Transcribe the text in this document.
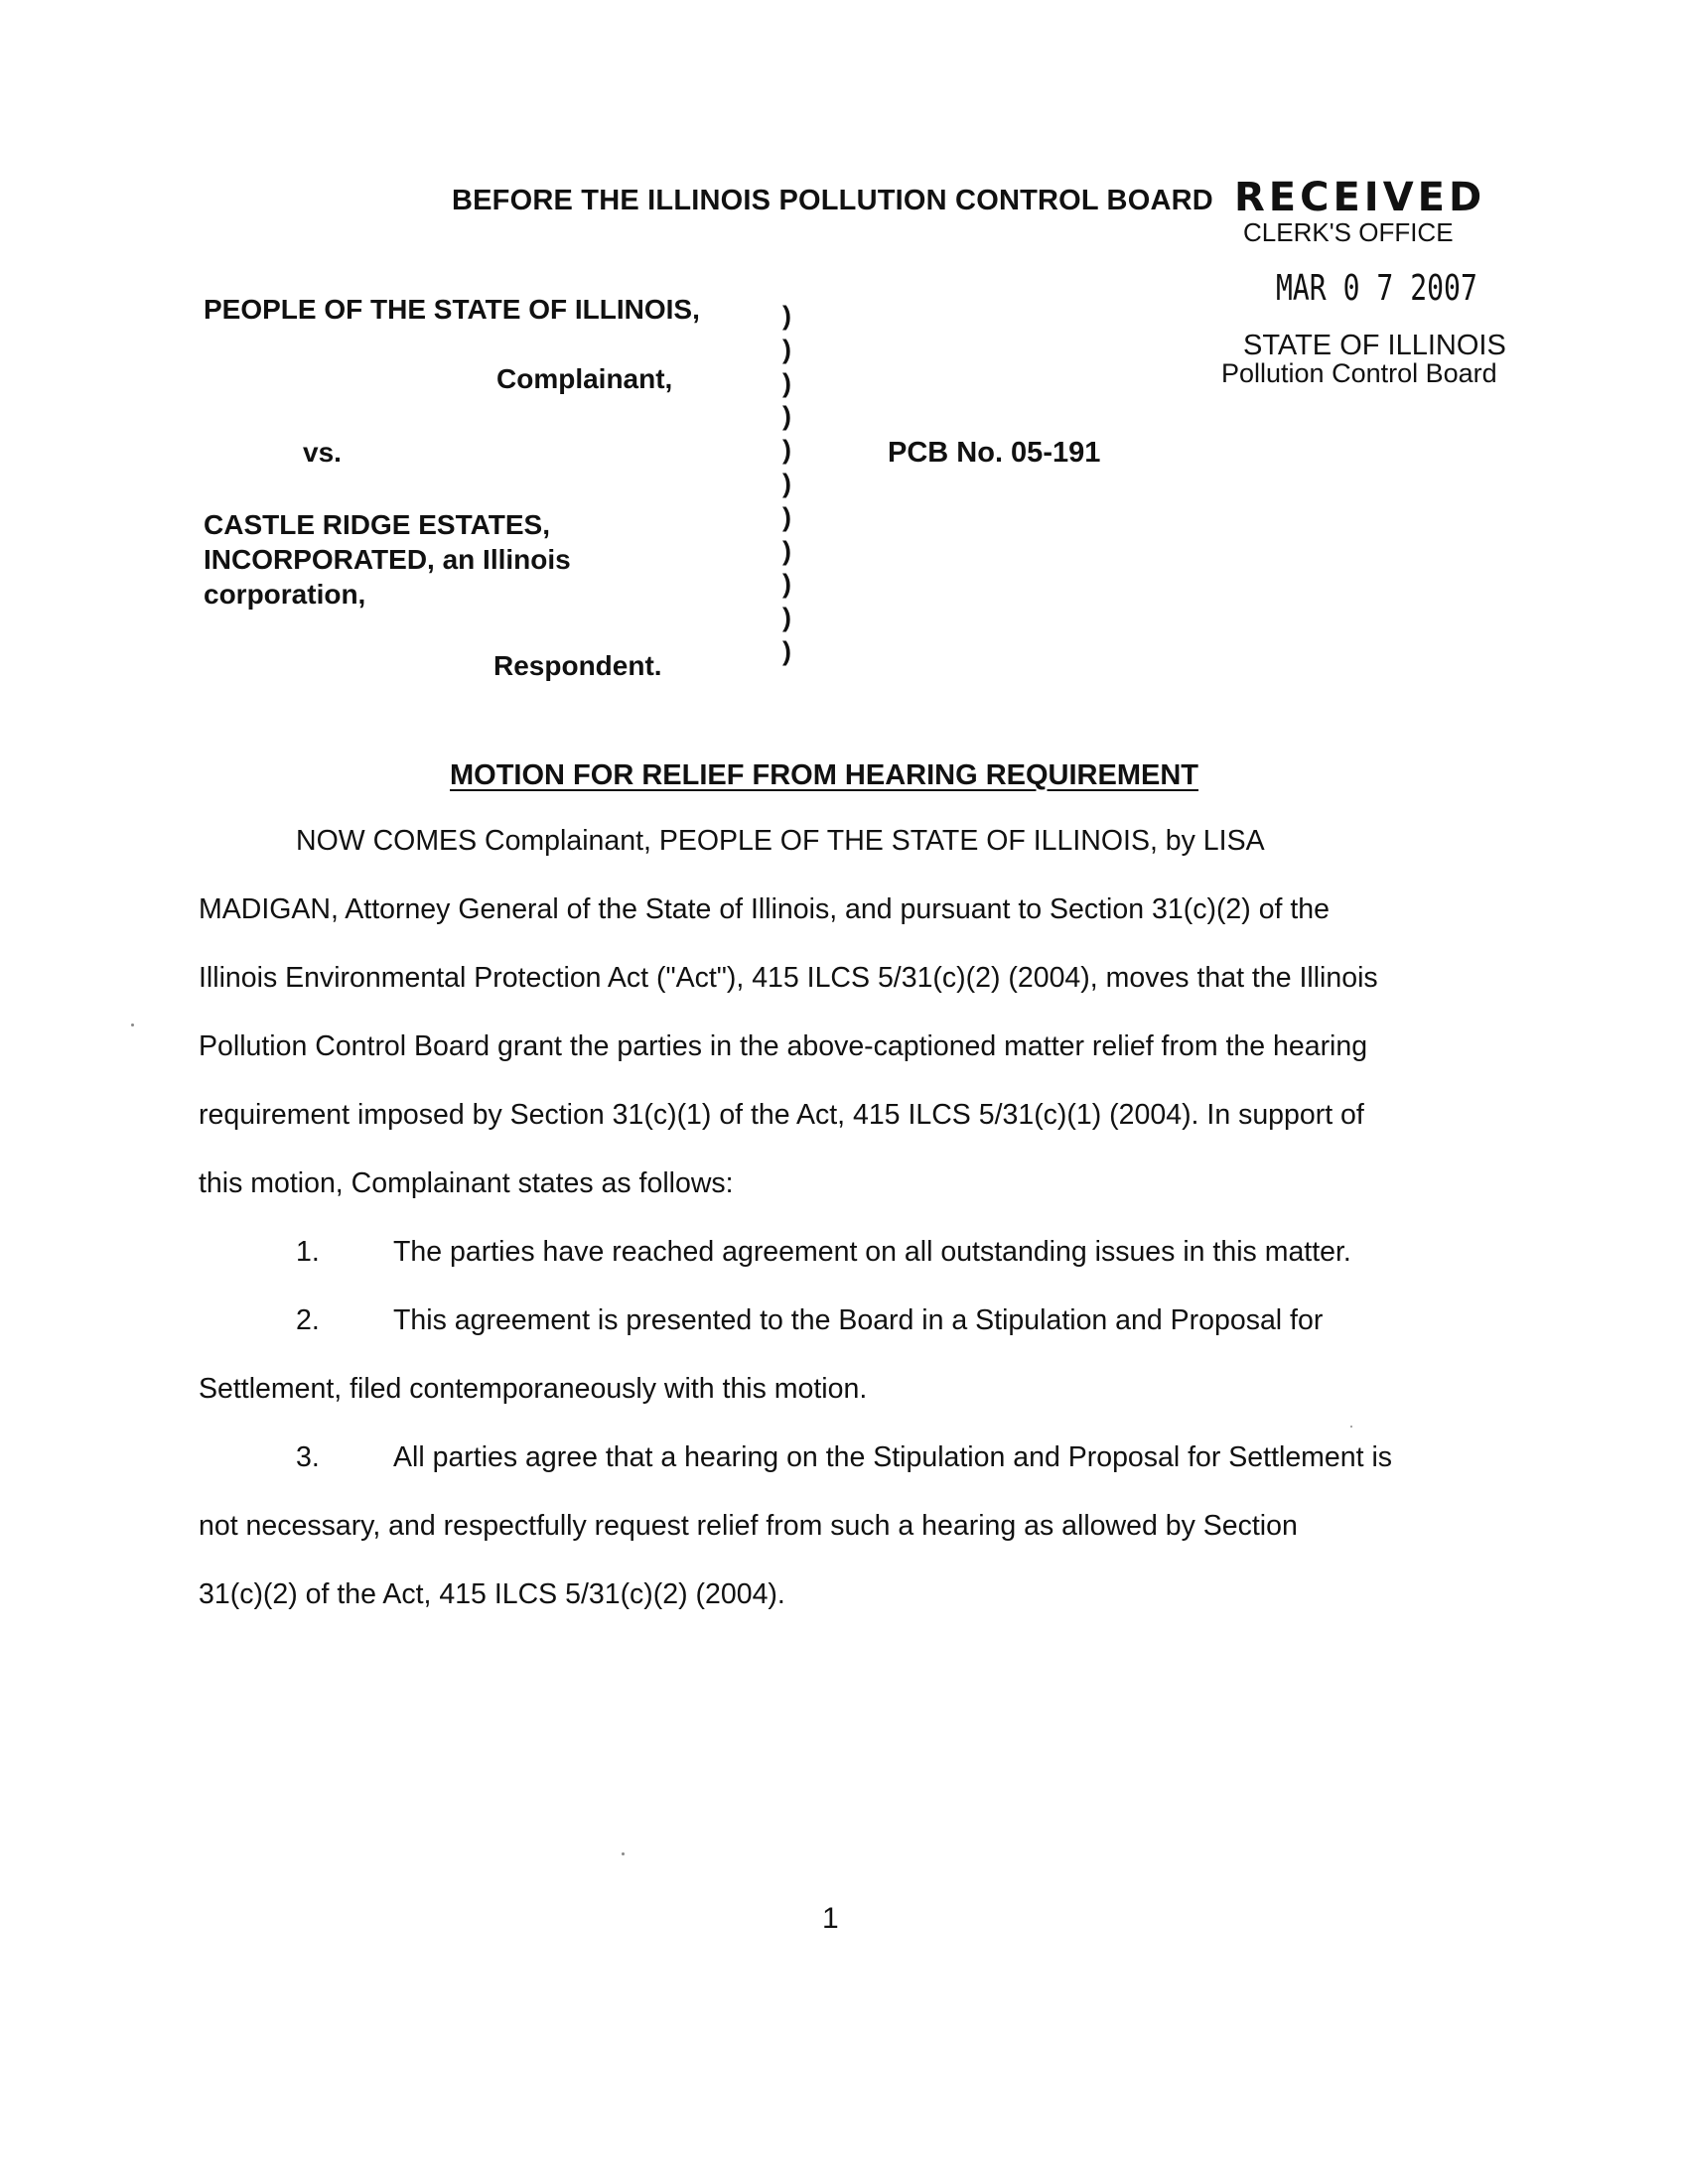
BEFORE THE ILLINOIS POLLUTION CONTROL BOARD RECEIVED
CLERK'S OFFICE
MAR 0 7 2007
STATE OF ILLINOIS
Pollution Control Board
PEOPLE OF THE STATE OF ILLINOIS,
Complainant,
vs.
CASTLE RIDGE ESTATES,
INCORPORATED, an Illinois
corporation,
Respondent.
)
)
)
)
)
)
)
)
)
)
)
PCB No. 05-191
MOTION FOR RELIEF FROM HEARING REQUIREMENT
NOW COMES Complainant, PEOPLE OF THE STATE OF ILLINOIS, by LISA
MADIGAN, Attorney General of the State of Illinois, and pursuant to Section 31(c)(2) of the
Illinois Environmental Protection Act ("Act"), 415 ILCS 5/31(c)(2) (2004), moves that the Illinois
Pollution Control Board grant the parties in the above-captioned matter relief from the hearing
requirement imposed by Section 31(c)(1) of the Act, 415 ILCS 5/31(c)(1) (2004). In support of
this motion, Complainant states as follows:
1.	The parties have reached agreement on all outstanding issues in this matter.
2.	This agreement is presented to the Board in a Stipulation and Proposal for
Settlement, filed contemporaneously with this motion.
3.	All parties agree that a hearing on the Stipulation and Proposal for Settlement is
not necessary, and respectfully request relief from such a hearing as allowed by Section
31(c)(2) of the Act, 415 ILCS 5/31(c)(2) (2004).
1
